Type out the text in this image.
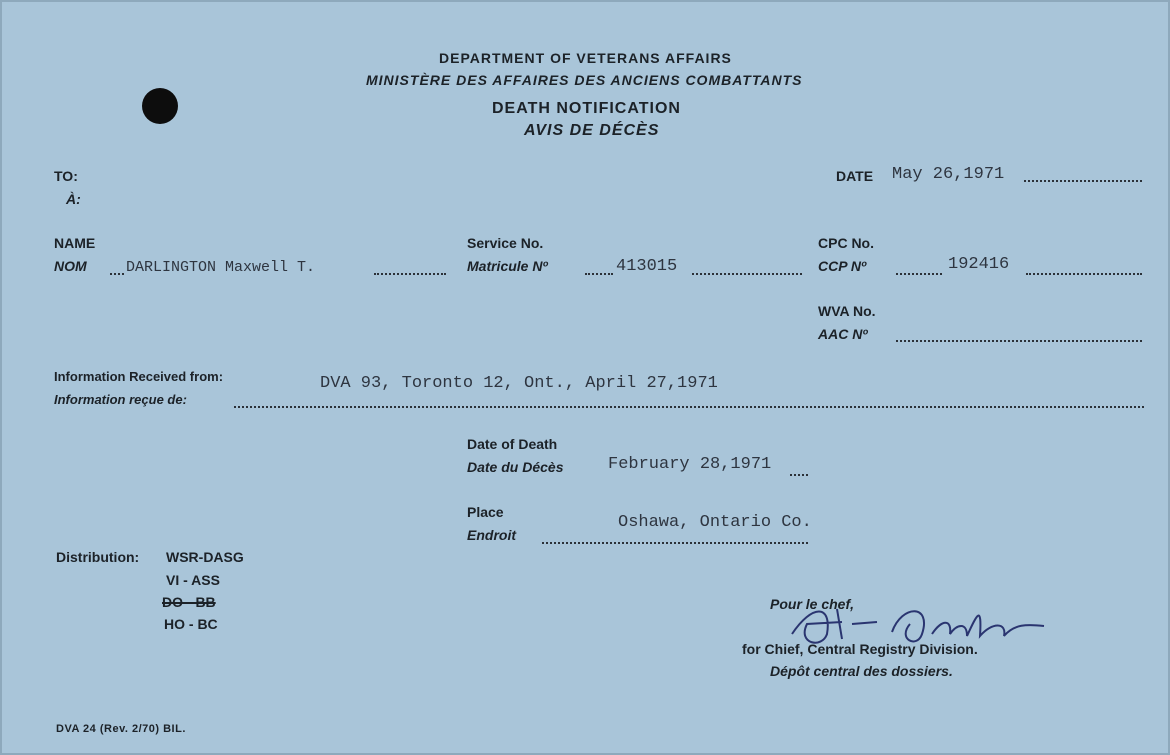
DEPARTMENT OF VETERANS AFFAIRS
MINISTÈRE DES AFFAIRES DES ANCIENS COMBATTANTS
DEATH NOTIFICATION
AVIS DE DÉCÈS
TO:
À:
DATE May 26,1971
NAME
NOM	DARLINGTON Maxwell T.
Service No.
Matricule Nº	413015
CPC No.
CCP Nº	192416
WVA No.
AAC Nº
Information Received from:
Information reçue de:
DVA 93, Toronto 12, Ont., April 27,1971
Date of Death
Date du Décès	February 28,1971
Place
Endroit
Oshawa, Ontario Co.
Distribution: WSR-DASG
VI - ASS
DO - BB
HO - BC
Pour le chef,
for Chief, Central Registry Division.
Dépôt central des dossiers.
DVA 24 (Rev. 2/70) BIL.
